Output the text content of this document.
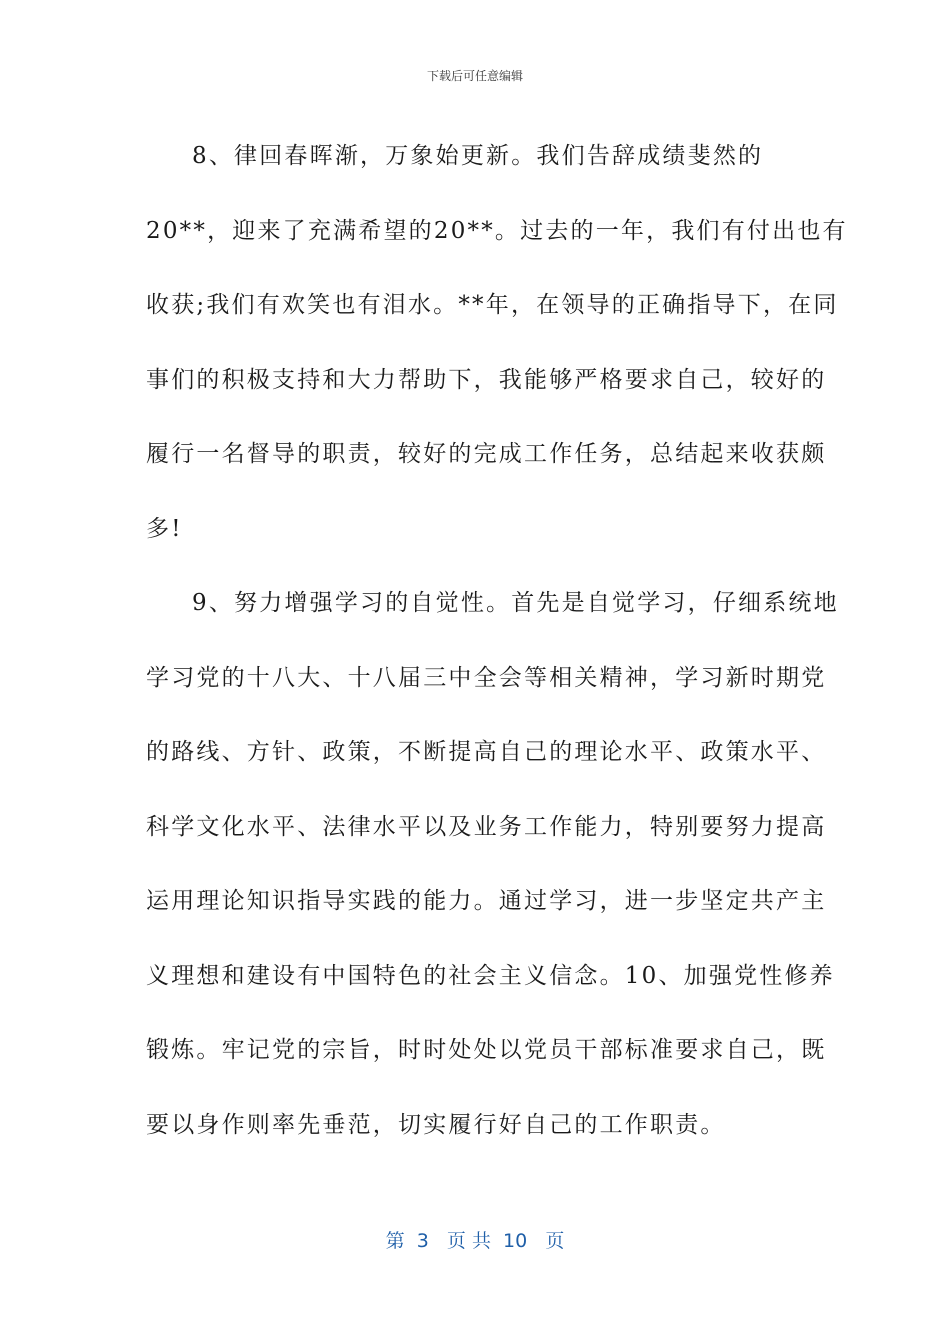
下载后可任意编辑
8、律回春晖渐，万象始更新。我们告辞成绩斐然的
20**，迎来了充满希望的20**。过去的一年，我们有付出也有
收获;我们有欢笑也有泪水。**年，在领导的正确指导下，在同
事们的积极支持和大力帮助下，我能够严格要求自己，较好的
履行一名督导的职责，较好的完成工作任务，总结起来收获颇
多!
9、努力增强学习的自觉性。首先是自觉学习，仔细系统地
学习党的十八大、十八届三中全会等相关精神，学习新时期党
的路线、方针、政策，不断提高自己的理论水平、政策水平、
科学文化水平、法律水平以及业务工作能力，特别要努力提高
运用理论知识指导实践的能力。通过学习，进一步坚定共产主
义理想和建设有中国特色的社会主义信念。10、加强党性修养
锻炼。牢记党的宗旨，时时处处以党员干部标准要求自己，既
要以身作则率先垂范，切实履行好自己的工作职责。
第  3   页 共  10   页
